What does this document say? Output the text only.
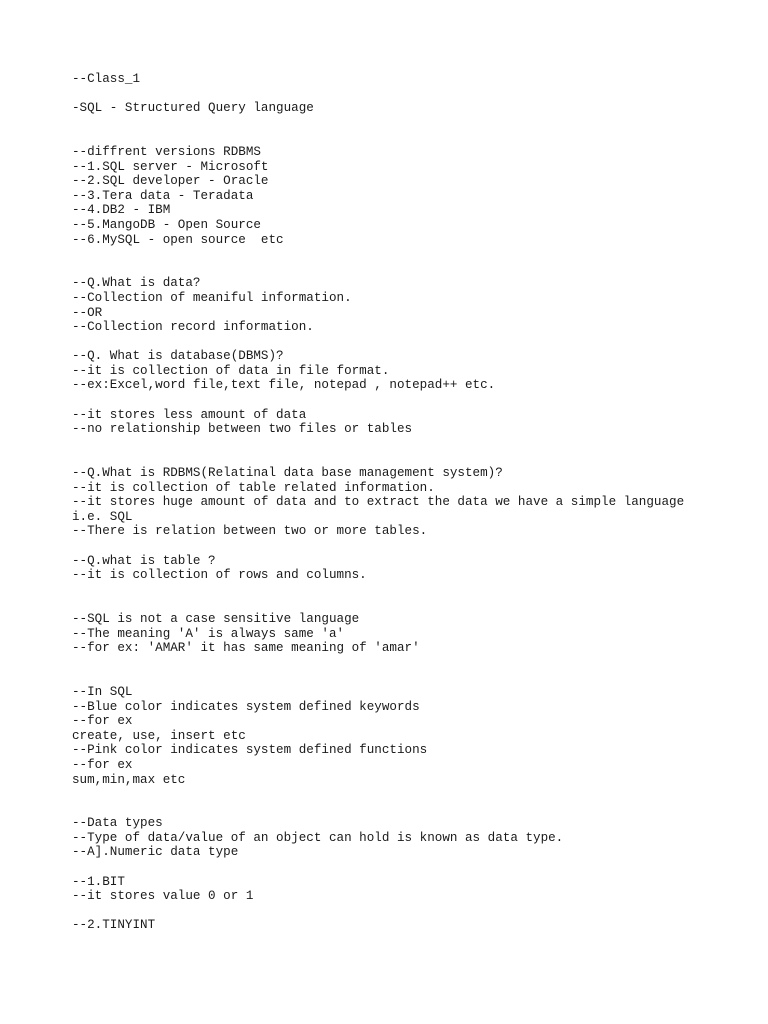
--Class_1
-SQL - Structured Query language
--diffrent versions RDBMS
--1.SQL server - Microsoft
--2.SQL developer - Oracle
--3.Tera data - Teradata
--4.DB2 - IBM
--5.MangoDB - Open Source
--6.MySQL - open source  etc
--Q.What is data?
--Collection of meaniful information.
--OR
--Collection record information.
--Q. What is database(DBMS)?
--it is collection of data in file format.
--ex:Excel,word file,text file, notepad , notepad++ etc.
--it stores less amount of data
--no relationship between two files or tables
--Q.What is RDBMS(Relatinal data base management system)?
--it is collection of table related information.
--it stores huge amount of data and to extract the data we have a simple language
i.e. SQL
--There is relation between two or more tables.
--Q.what is table ?
--it is collection of rows and columns.
--SQL is not a case sensitive language
--The meaning 'A' is always same 'a'
--for ex: 'AMAR' it has same meaning of 'amar'
--In SQL
--Blue color indicates system defined keywords
--for ex
create, use, insert etc
--Pink color indicates system defined functions
--for ex
sum,min,max etc
--Data types
--Type of data/value of an object can hold is known as data type.
--A].Numeric data type
--1.BIT
--it stores value 0 or 1
--2.TINYINT
